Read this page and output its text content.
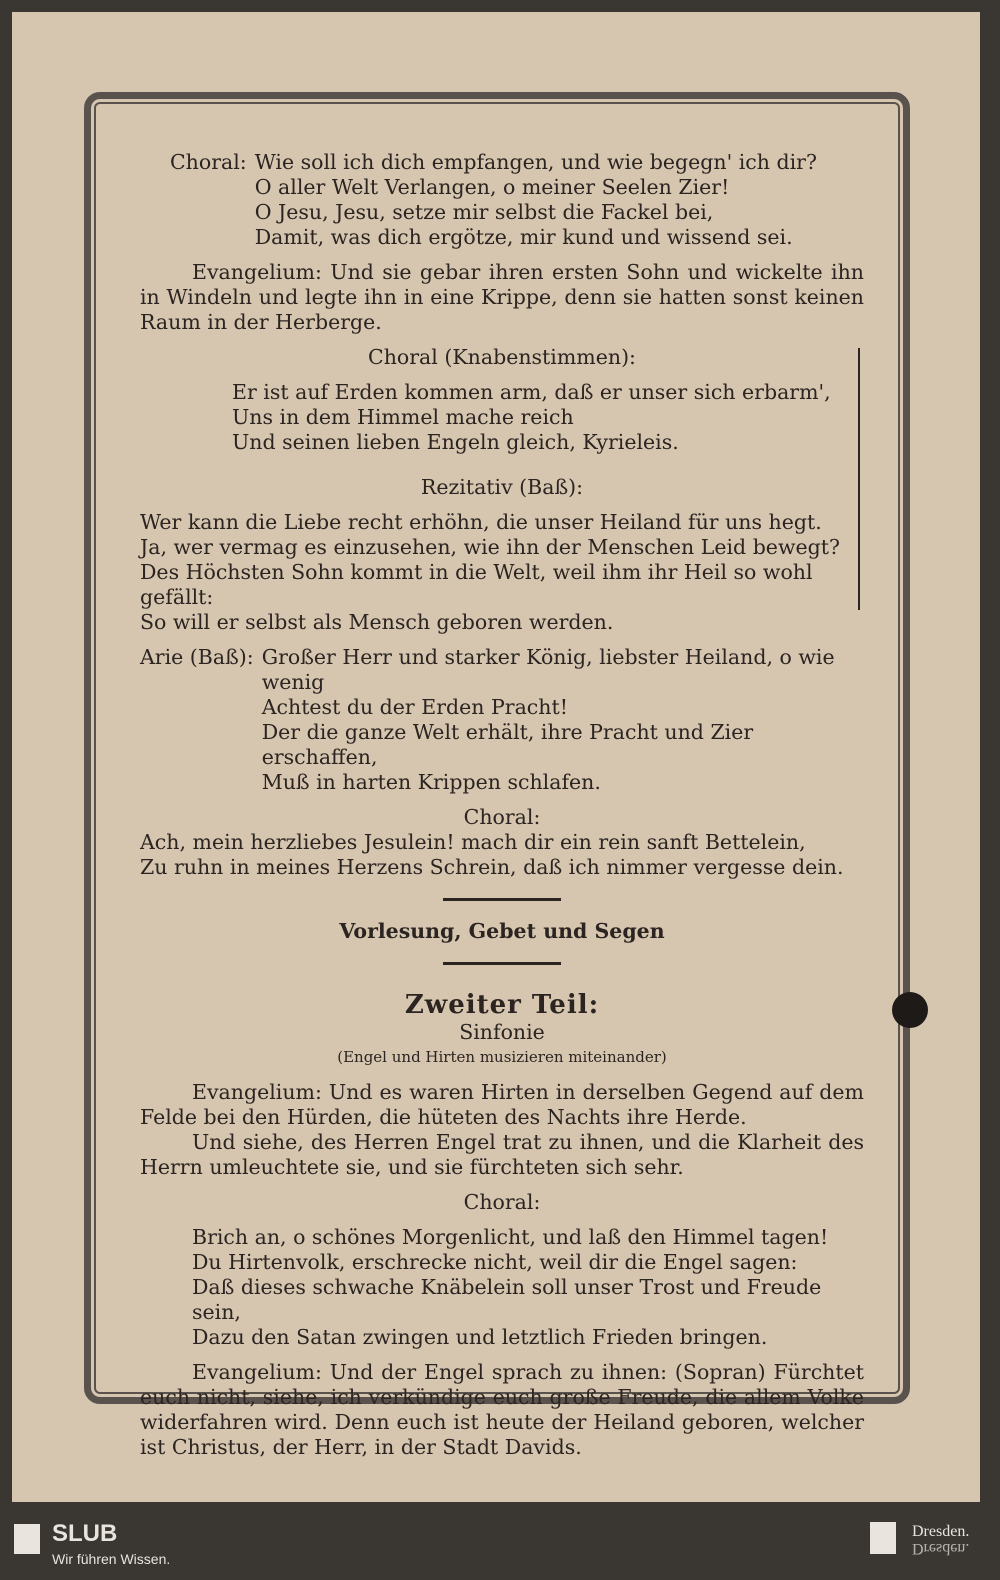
Choral: Wie soll ich dich empfangen, und wie begegn' ich dir?

O aller Welt Verlangen, o meiner Seelen Zier!

O Jesu, Jesu, setze mir selbst die Fackel bei,

Damit, was dich ergötze, mir kund und wissend sei.

Evangelium: Und sie gebar ihren ersten Sohn und wickelte ihn in Windeln und legte ihn in eine Krippe, denn sie hatten sonst keinen Raum in der Herberge.

Choral (Knabenstimmen):

Er ist auf Erden kommen arm, daß er unser sich erbarm',

Uns in dem Himmel mache reich

Und seinen lieben Engeln gleich, Kyrieleis.

Rezitativ (Baß):

Wer kann die Liebe recht erhöhn, die unser Heiland für uns hegt.

Ja, wer vermag es einzusehen, wie ihn der Menschen Leid bewegt?

Des Höchsten Sohn kommt in die Welt, weil ihm ihr Heil so wohl gefällt:

So will er selbst als Mensch geboren werden.

Arie (Baß): Großer Herr und starker König, liebster Heiland, o wie wenig

Achtest du der Erden Pracht!

Der die ganze Welt erhält, ihre Pracht und Zier erschaffen,

Muß in harten Krippen schlafen.

Choral:

Ach, mein herzliebes Jesulein! mach dir ein rein sanft Bettelein,

Zu ruhn in meines Herzens Schrein, daß ich nimmer vergesse dein.

Vorlesung, Gebet und Segen

Zweiter Teil:

Sinfonie

(Engel und Hirten musizieren miteinander)

Evangelium: Und es waren Hirten in derselben Gegend auf dem Felde bei den Hürden, die hüteten des Nachts ihre Herde.

Und siehe, des Herren Engel trat zu ihnen, und die Klarheit des Herrn umleuchtete sie, und sie fürchteten sich sehr.

Choral:

Brich an, o schönes Morgenlicht, und laß den Himmel tagen!

Du Hirtenvolk, erschrecke nicht, weil dir die Engel sagen:

Daß dieses schwache Knäbelein soll unser Trost und Freude sein,

Dazu den Satan zwingen und letztlich Frieden bringen.

Evangelium: Und der Engel sprach zu ihnen: (Sopran) Fürchtet euch nicht, siehe, ich verkündige euch große Freude, die allem Volke widerfahren wird. Denn euch ist heute der Heiland geboren, welcher ist Christus, der Herr, in der Stadt Davids.

SLUB
Wir führen Wissen.
Dresden.
Dresden.
